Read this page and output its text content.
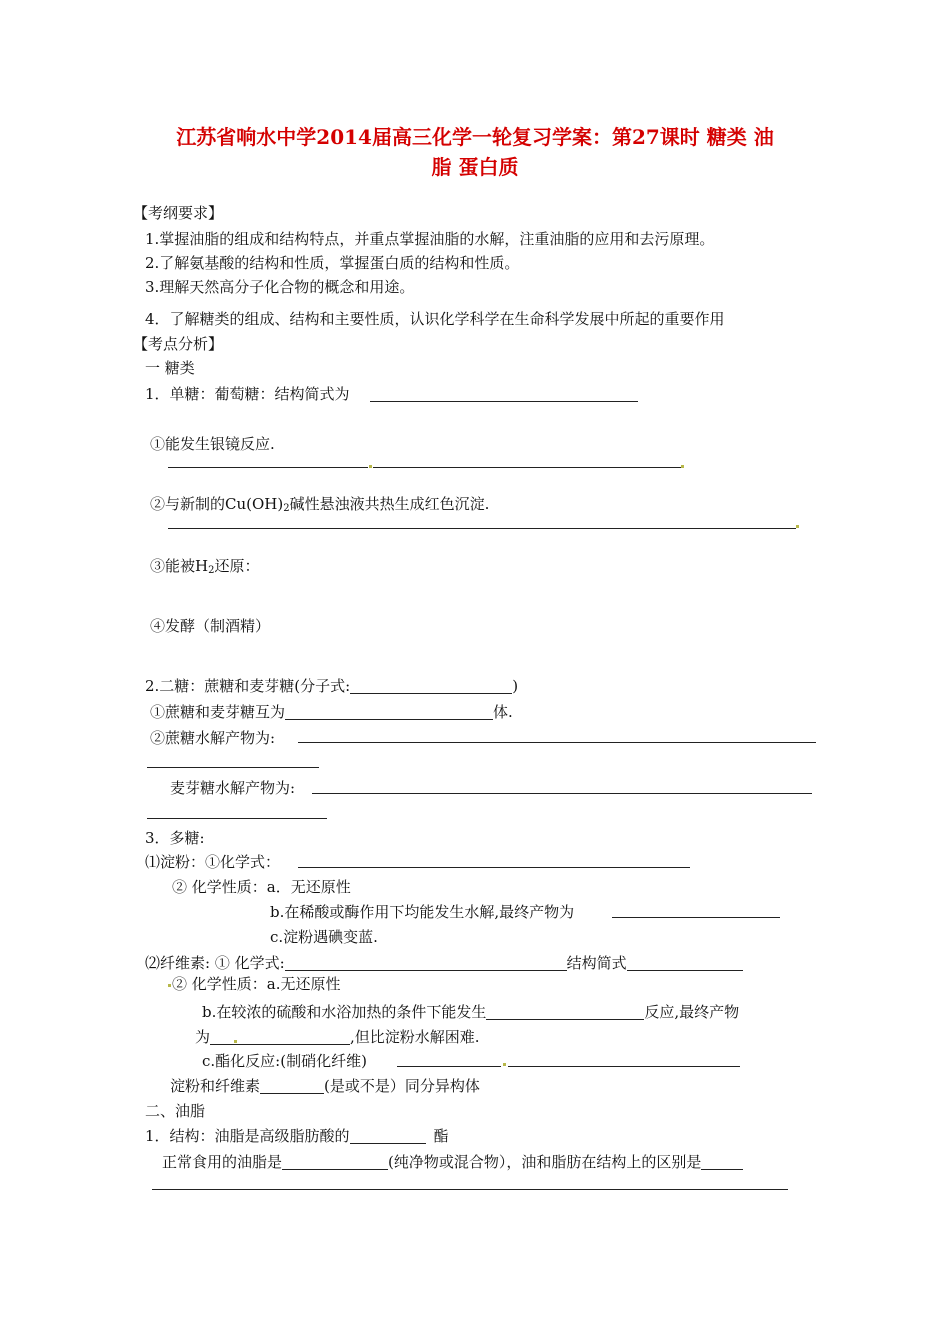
江苏省响水中学2014届高三化学一轮复习学案：第27课时 糖类 油
脂 蛋白质
【考纲要求】
1.掌握油脂的组成和结构特点，并重点掌握油脂的水解，注重油脂的应用和去污原理。
2.了解氨基酸的结构和性质，掌握蛋白质的结构和性质。
3.理解天然高分子化合物的概念和用途。
4．了解糖类的组成、结构和主要性质，认识化学科学在生命科学发展中所起的重要作用
【考点分析】
一 糖类
1．单糖：葡萄糖：结构简式为
①能发生银镜反应.
②与新制的$Cu(OH)_2$碱性悬浊液共热生成红色沉淀.
③能被$H_2$还原：
④发酵（制酒精）
2.二糖：蔗糖和麦芽糖(分子式:	)
①蔗糖和麦芽糖互为	体.
②蔗糖水解产物为:
麦芽糖水解产物为:
3．多糖:
⑴淀粉：①化学式：
② 化学性质：a．无还原性
b.在稀酸或酶作用下均能发生水解,最终产物为
c.淀粉遇碘变蓝.
⑵纤维素: ① 化学式:	结构简式
② 化学性质：a.无还原性
b.在较浓的硫酸和水浴加热的条件下能发生	反应,最终产物
为	,但比淀粉水解困难.
c.酯化反应:(制硝化纤维)
淀粉和纤维素	(是或不是）同分异构体
二、油脂
1．结构：油脂是高级脂肪酸的	酯
正常食用的油脂是	(纯净物或混合物），油和脂肪在结构上的区别是
